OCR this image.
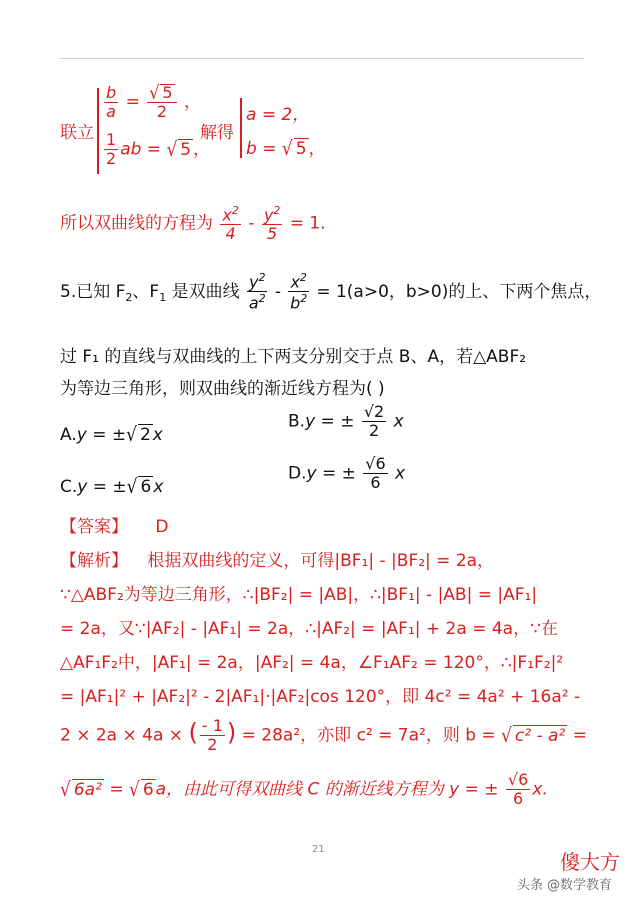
联立
$\frac{b}{a} = \frac{√ 5}{2}$ ，
$\frac{1}{2}$ ab = √ 5 ，
解得
a = 2，
b = √ 5 ，
所以双曲线的方程为 $\frac{x^2}{4} - \frac{y^2}{5} = 1$.
5.已知 $F_2$、$F_1$ 是双曲线 $\frac{y^2}{a^2} - \frac{x^2}{b^2} = 1(a>0$，b>0)的上、下两个焦点，
过 F₁ 的直线与双曲线的上下两支分别交于点 B、A，若△ABF₂
为等边三角形，则双曲线的渐近线方程为( )
A.y = ±√ 2 x
B.y = ± $\frac{√2}{2}$ x
C.y = ±√ 6 x
D.y = ± $\frac{√6}{6}$ x
【答案】 D
【解析】 根据双曲线的定义，可得|BF₁| - |BF₂| = 2a，
∵△ABF₂为等边三角形，∴|BF₂| = |AB|，∴|BF₁| - |AB| = |AF₁|
= 2a，又∵|AF₂| - |AF₁| = 2a，∴|AF₂| = |AF₁| + 2a = 4a，∵在
△AF₁F₂中，|AF₁| = 2a，|AF₂| = 4a，∠F₁AF₂ = 120°，∴|F₁F₂|²
= |AF₁|² + |AF₂|² - 2|AF₁|·|AF₂|cos 120°，即 4c² = 4a² + 16a² -
2 × 2a × 4a × ( $\frac{- 1}{2}$ ) = 28a²，亦即 c² = 7a²，则 b = √ c² - a² =
√ 6a² = √ 6 a，由此可得双曲线 C 的渐近线方程为 y = ± $\frac{√6}{6} x$.
21
傻大方
头条 @数学教育
